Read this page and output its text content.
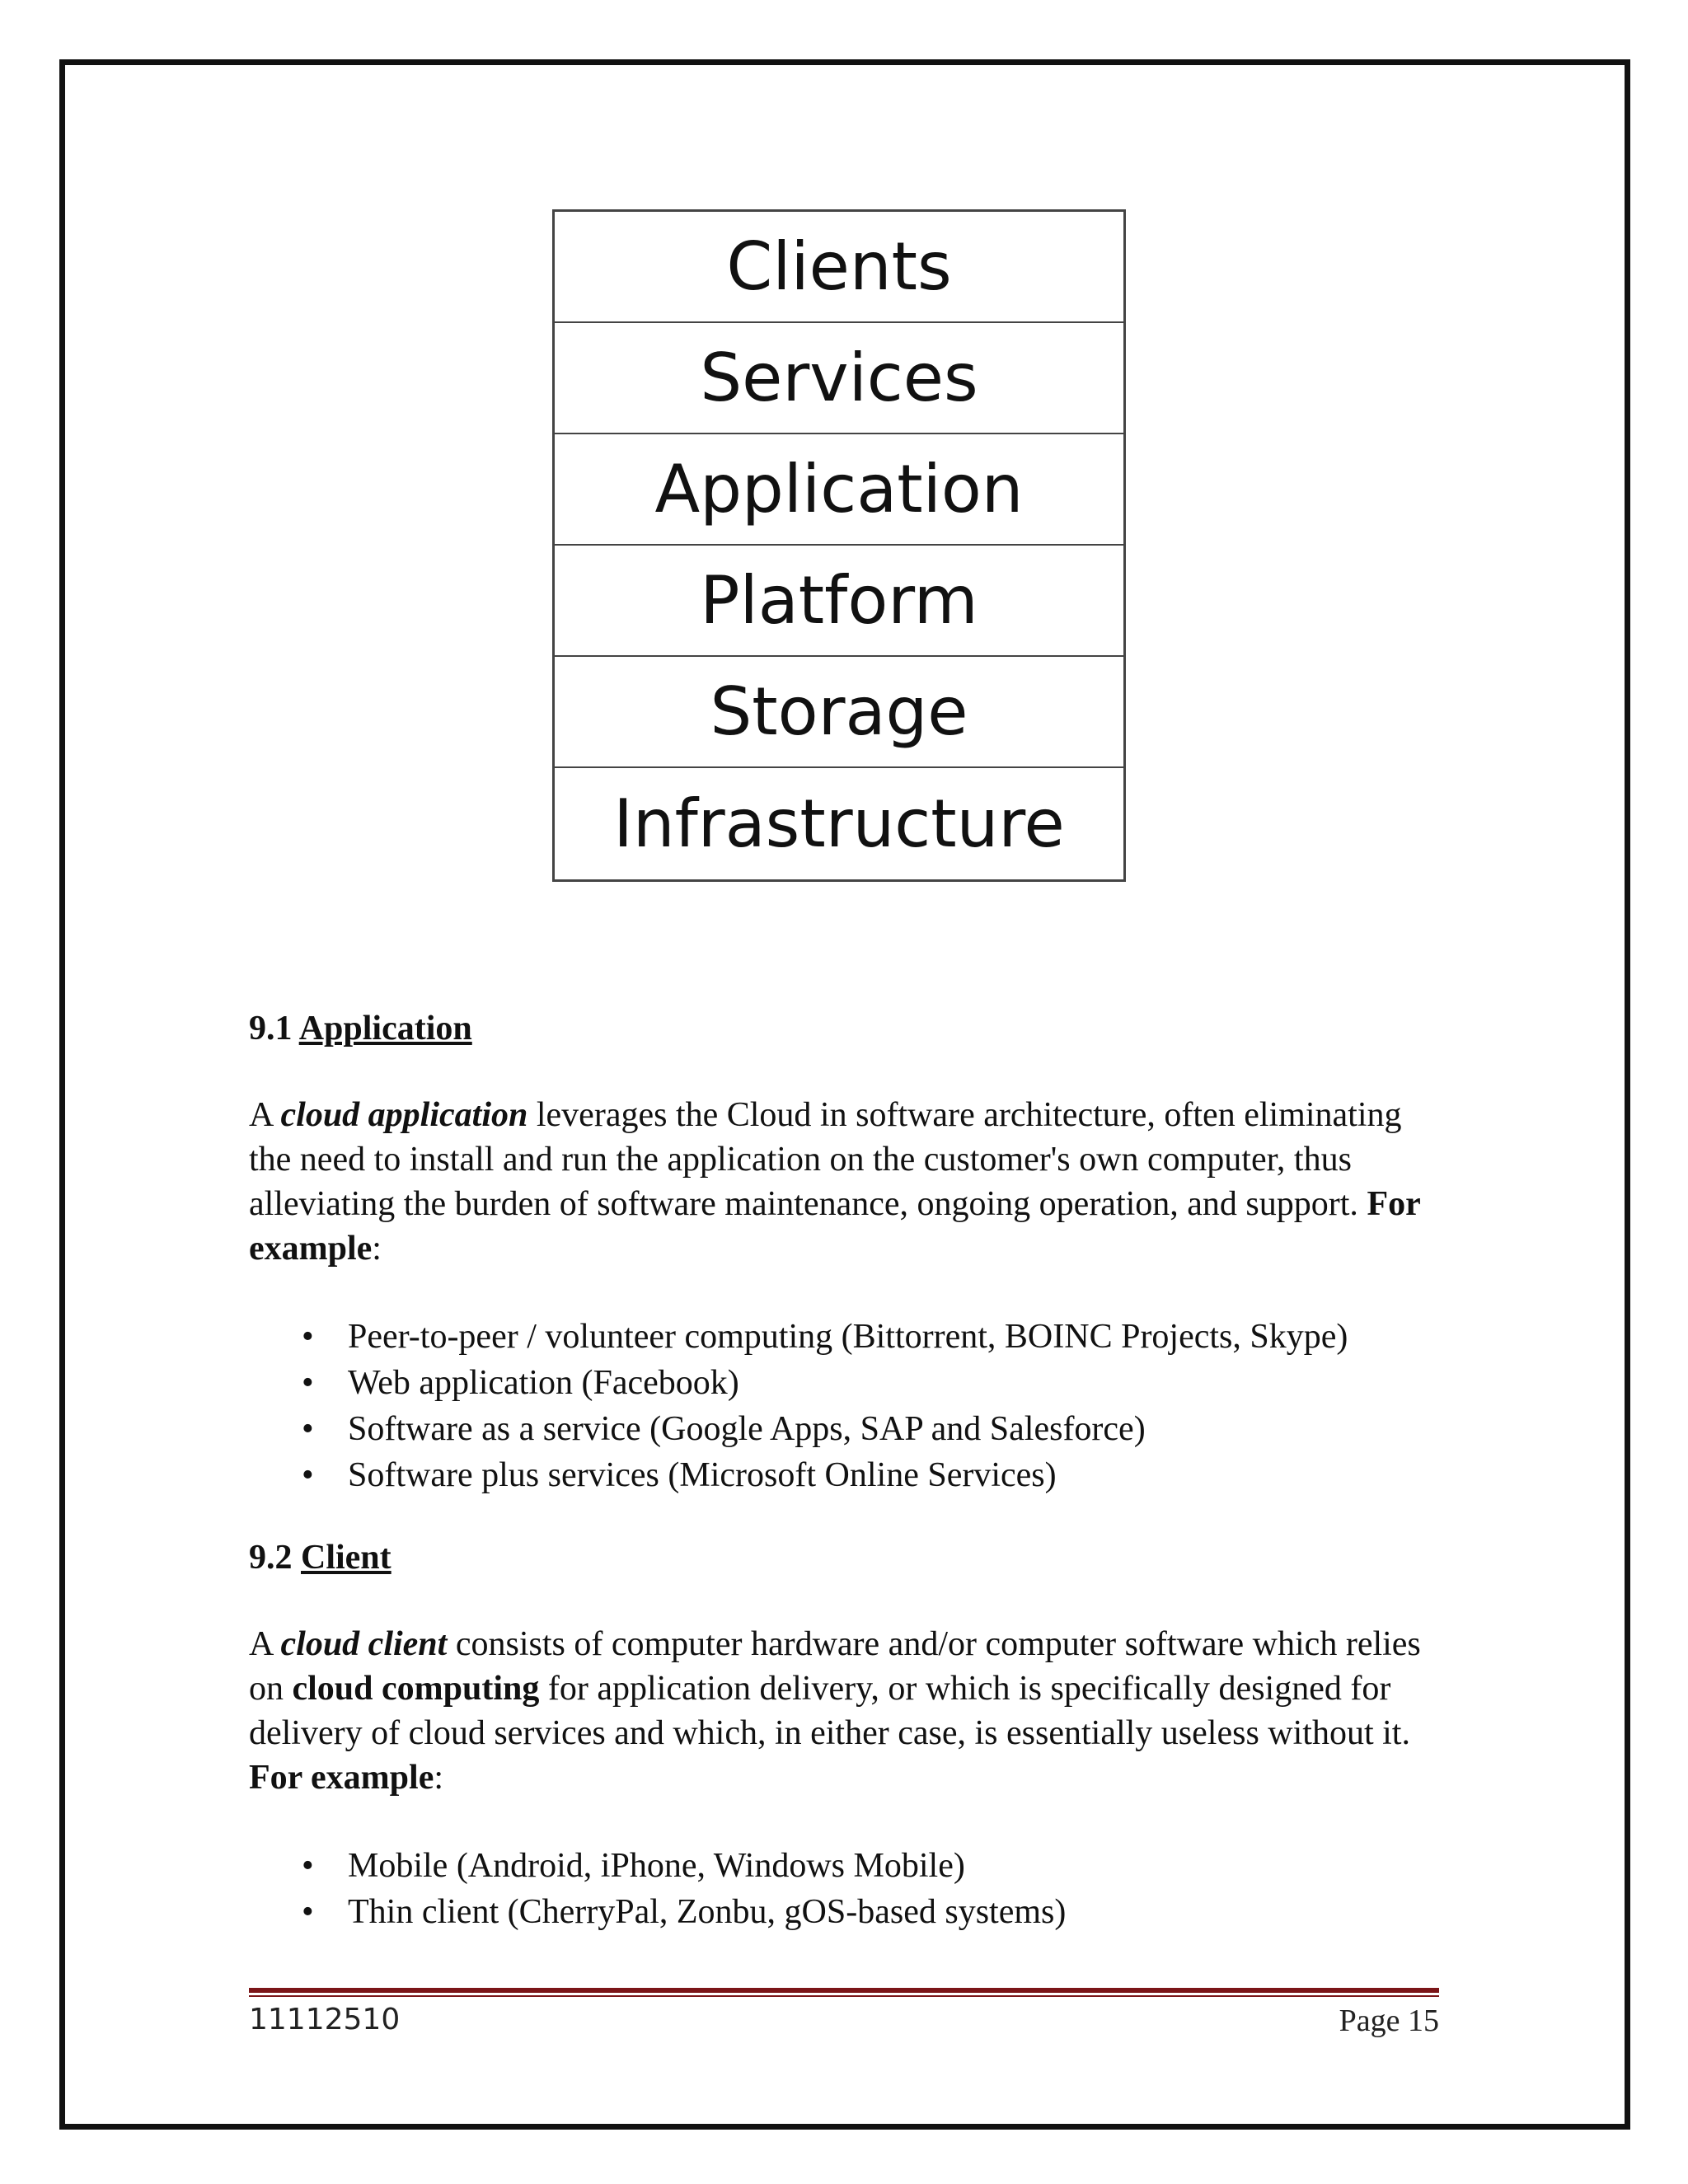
Clients
Services
Application
Platform
Storage
Infrastructure
9.1 Application

A cloud application leverages the Cloud in software architecture, often eliminating the need to install and run the application on the customer's own computer, thus alleviating the burden of software maintenance, ongoing operation, and support. For example:

• Peer-to-peer / volunteer computing (Bittorrent, BOINC Projects, Skype)
• Web application (Facebook)
• Software as a service (Google Apps, SAP and Salesforce)
• Software plus services (Microsoft Online Services)
9.2 Client

A cloud client consists of computer hardware and/or computer software which relies on cloud computing for application delivery, or which is specifically designed for delivery of cloud services and which, in either case, is essentially useless without it. For example:

• Mobile (Android, iPhone, Windows Mobile)
• Thin client (CherryPal, Zonbu, gOS-based systems)
11112510	Page 15
